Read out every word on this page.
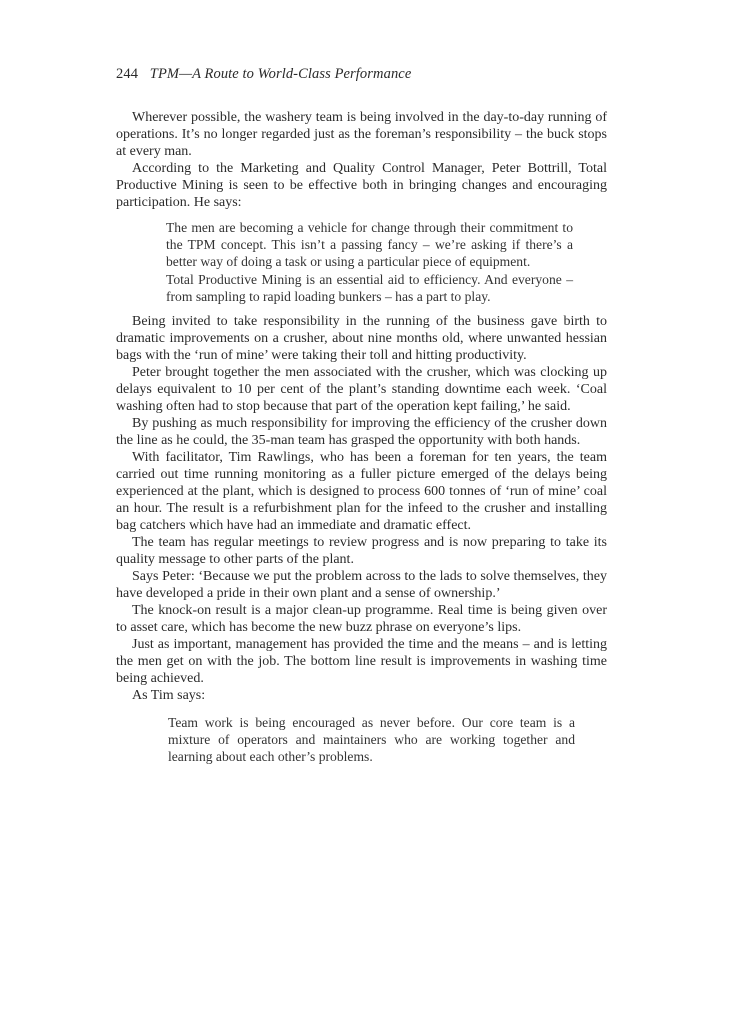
244 TPM—A Route to World-Class Performance

Wherever possible, the washery team is being involved in the day-to-day running of operations. It’s no longer regarded just as the foreman’s responsibility – the buck stops at every man.

According to the Marketing and Quality Control Manager, Peter Bottrill, Total Productive Mining is seen to be effective both in bringing changes and encouraging participation. He says:

The men are becoming a vehicle for change through their commitment to the TPM concept. This isn’t a passing fancy – we’re asking if there’s a better way of doing a task or using a particular piece of equipment.

Total Productive Mining is an essential aid to efficiency. And everyone – from sampling to rapid loading bunkers – has a part to play.

Being invited to take responsibility in the running of the business gave birth to dramatic improvements on a crusher, about nine months old, where unwanted hessian bags with the ‘run of mine’ were taking their toll and hitting productivity.

Peter brought together the men associated with the crusher, which was clocking up delays equivalent to 10 per cent of the plant’s standing downtime each week. ‘Coal washing often had to stop because that part of the operation kept failing,’ he said.

By pushing as much responsibility for improving the efficiency of the crusher down the line as he could, the 35-man team has grasped the opportunity with both hands.

With facilitator, Tim Rawlings, who has been a foreman for ten years, the team carried out time running monitoring as a fuller picture emerged of the delays being experienced at the plant, which is designed to process 600 tonnes of ‘run of mine’ coal an hour. The result is a refurbishment plan for the infeed to the crusher and installing bag catchers which have had an immediate and dramatic effect.

The team has regular meetings to review progress and is now preparing to take its quality message to other parts of the plant.

Says Peter: ‘Because we put the problem across to the lads to solve themselves, they have developed a pride in their own plant and a sense of ownership.’

The knock-on result is a major clean-up programme. Real time is being given over to asset care, which has become the new buzz phrase on everyone’s lips.

Just as important, management has provided the time and the means – and is letting the men get on with the job. The bottom line result is improvements in washing time being achieved.

As Tim says:

Team work is being encouraged as never before. Our core team is a mixture of operators and maintainers who are working together and learning about each other’s problems.
